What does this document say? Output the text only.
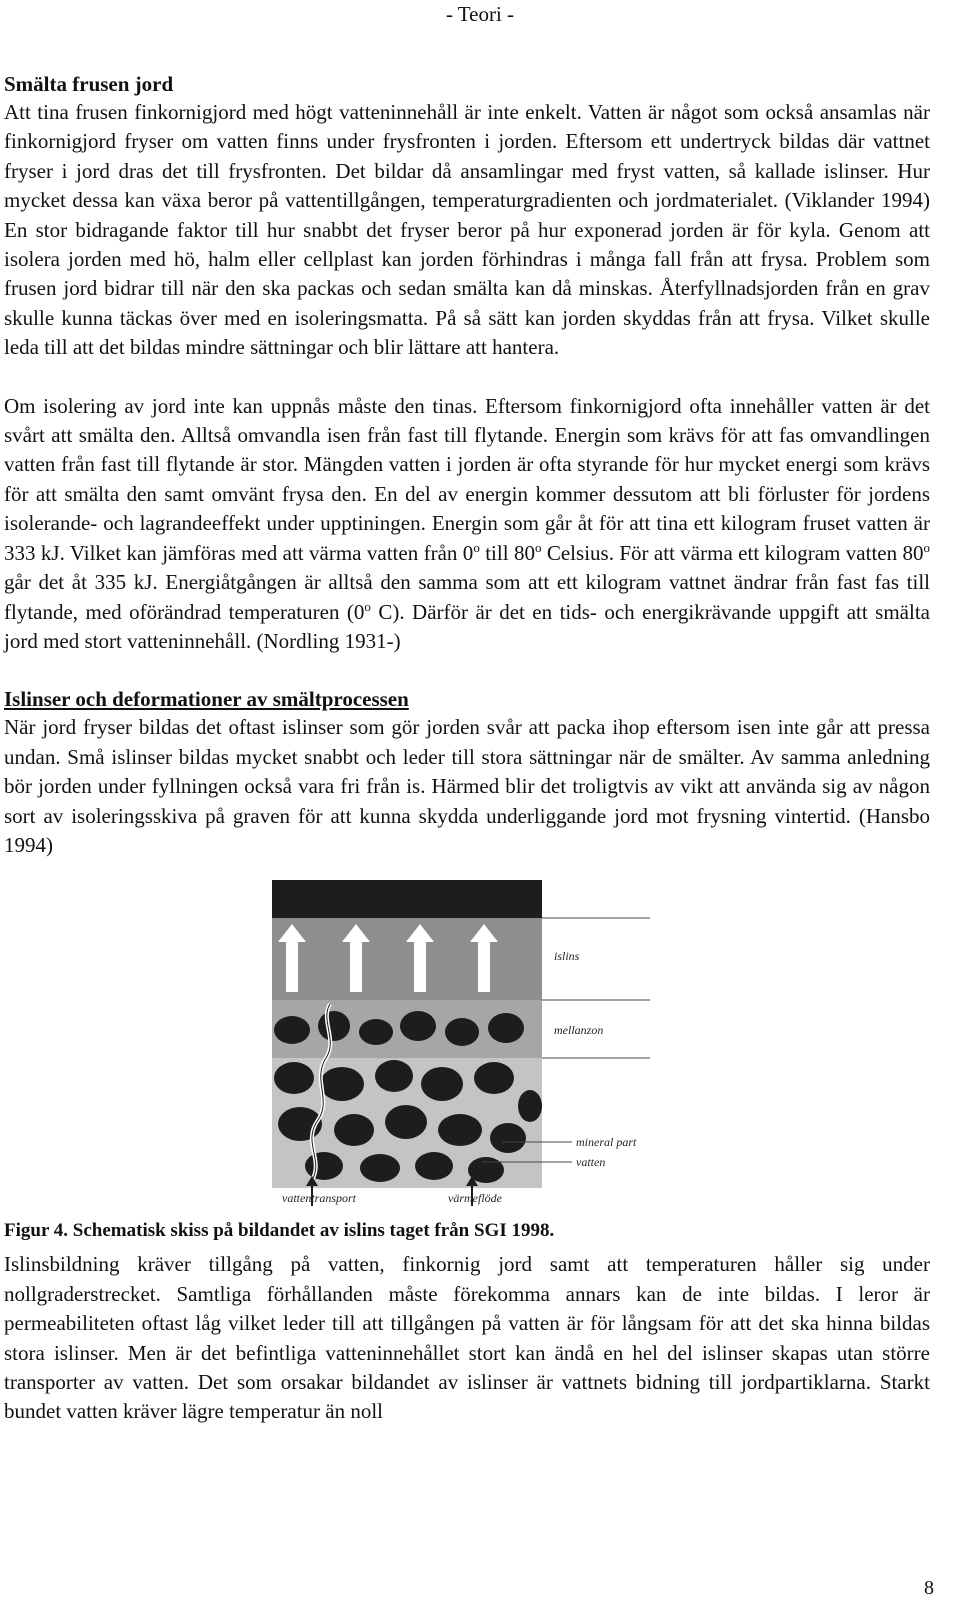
- Teori -
Smälta frusen jord

Att tina frusen finkornigjord med högt vatteninnehåll är inte enkelt. Vatten är något som också ansamlas när finkornigjord fryser om vatten finns under frysfronten i jorden. Eftersom ett undertryck bildas där vattnet fryser i jord dras det till frysfronten. Det bildar då ansamlingar med fryst vatten, så kallade islinser. Hur mycket dessa kan växa beror på vattentillgången, temperaturgradienten och jordmaterialet. (Viklander 1994) En stor bidragande faktor till hur snabbt det fryser beror på hur exponerad jorden är för kyla. Genom att isolera jorden med hö, halm eller cellplast kan jorden förhindras i många fall från att frysa. Problem som frusen jord bidrar till när den ska packas och sedan smälta kan då minskas. Återfyllnadsjorden från en grav skulle kunna täckas över med en isoleringsmatta. På så sätt kan jorden skyddas från att frysa. Vilket skulle leda till att det bildas mindre sättningar och blir lättare att hantera.

Om isolering av jord inte kan uppnås måste den tinas. Eftersom finkornigjord ofta innehåller vatten är det svårt att smälta den. Alltså omvandla isen från fast till flytande. Energin som krävs för att fas omvandlingen vatten från fast till flytande är stor. Mängden vatten i jorden är ofta styrande för hur mycket energi som krävs för att smälta den samt omvänt frysa den. En del av energin kommer dessutom att bli förluster för jordens isolerande- och lagrandeeffekt under upptiningen. Energin som går åt för att tina ett kilogram fruset vatten är 333 kJ. Vilket kan jämföras med att värma vatten från 0$^o$ till 80$^o$ Celsius. För att värma ett kilogram vatten 80$^o$ går det åt 335 kJ. Energiåtgången är alltså den samma som att ett kilogram vattnet ändrar från fast fas till flytande, med oförändrad temperaturen (0$^o$ C). Därför är det en tids- och energikrävande uppgift att smälta jord med stort vatteninnehåll. (Nordling 1931-)

Islinser och deformationer av smältprocessen

När jord fryser bildas det oftast islinser som gör jorden svår att packa ihop eftersom isen inte går att pressa undan. Små islinser bildas mycket snabbt och leder till stora sättningar när de smälter. Av samma anledning bör jorden under fyllningen också vara fri från is. Härmed blir det troligtvis av vikt att använda sig av någon sort av isoleringsskiva på graven för att kunna skydda underliggande jord mot frysning vintertid. (Hansbo 1994)

islins
mellanzon
mineral part
vatten
vattentransport	värmeflöde
Figur 4. Schematisk skiss på bildandet av islins taget från SGI 1998.

Islinsbildning kräver tillgång på vatten, finkornig jord samt att temperaturen håller sig under nollgraderstrecket. Samtliga förhållanden måste förekomma annars kan de inte bildas. I leror är permeabiliteten oftast låg vilket leder till att tillgången på vatten är för långsam för att det ska hinna bildas stora islinser. Men är det befintliga vatteninnehållet stort kan ändå en hel del islinser skapas utan större transporter av vatten. Det som orsakar bildandet av islinser är vattnets bidning till jordpartiklarna. Starkt bundet vatten kräver lägre temperatur än noll

8
